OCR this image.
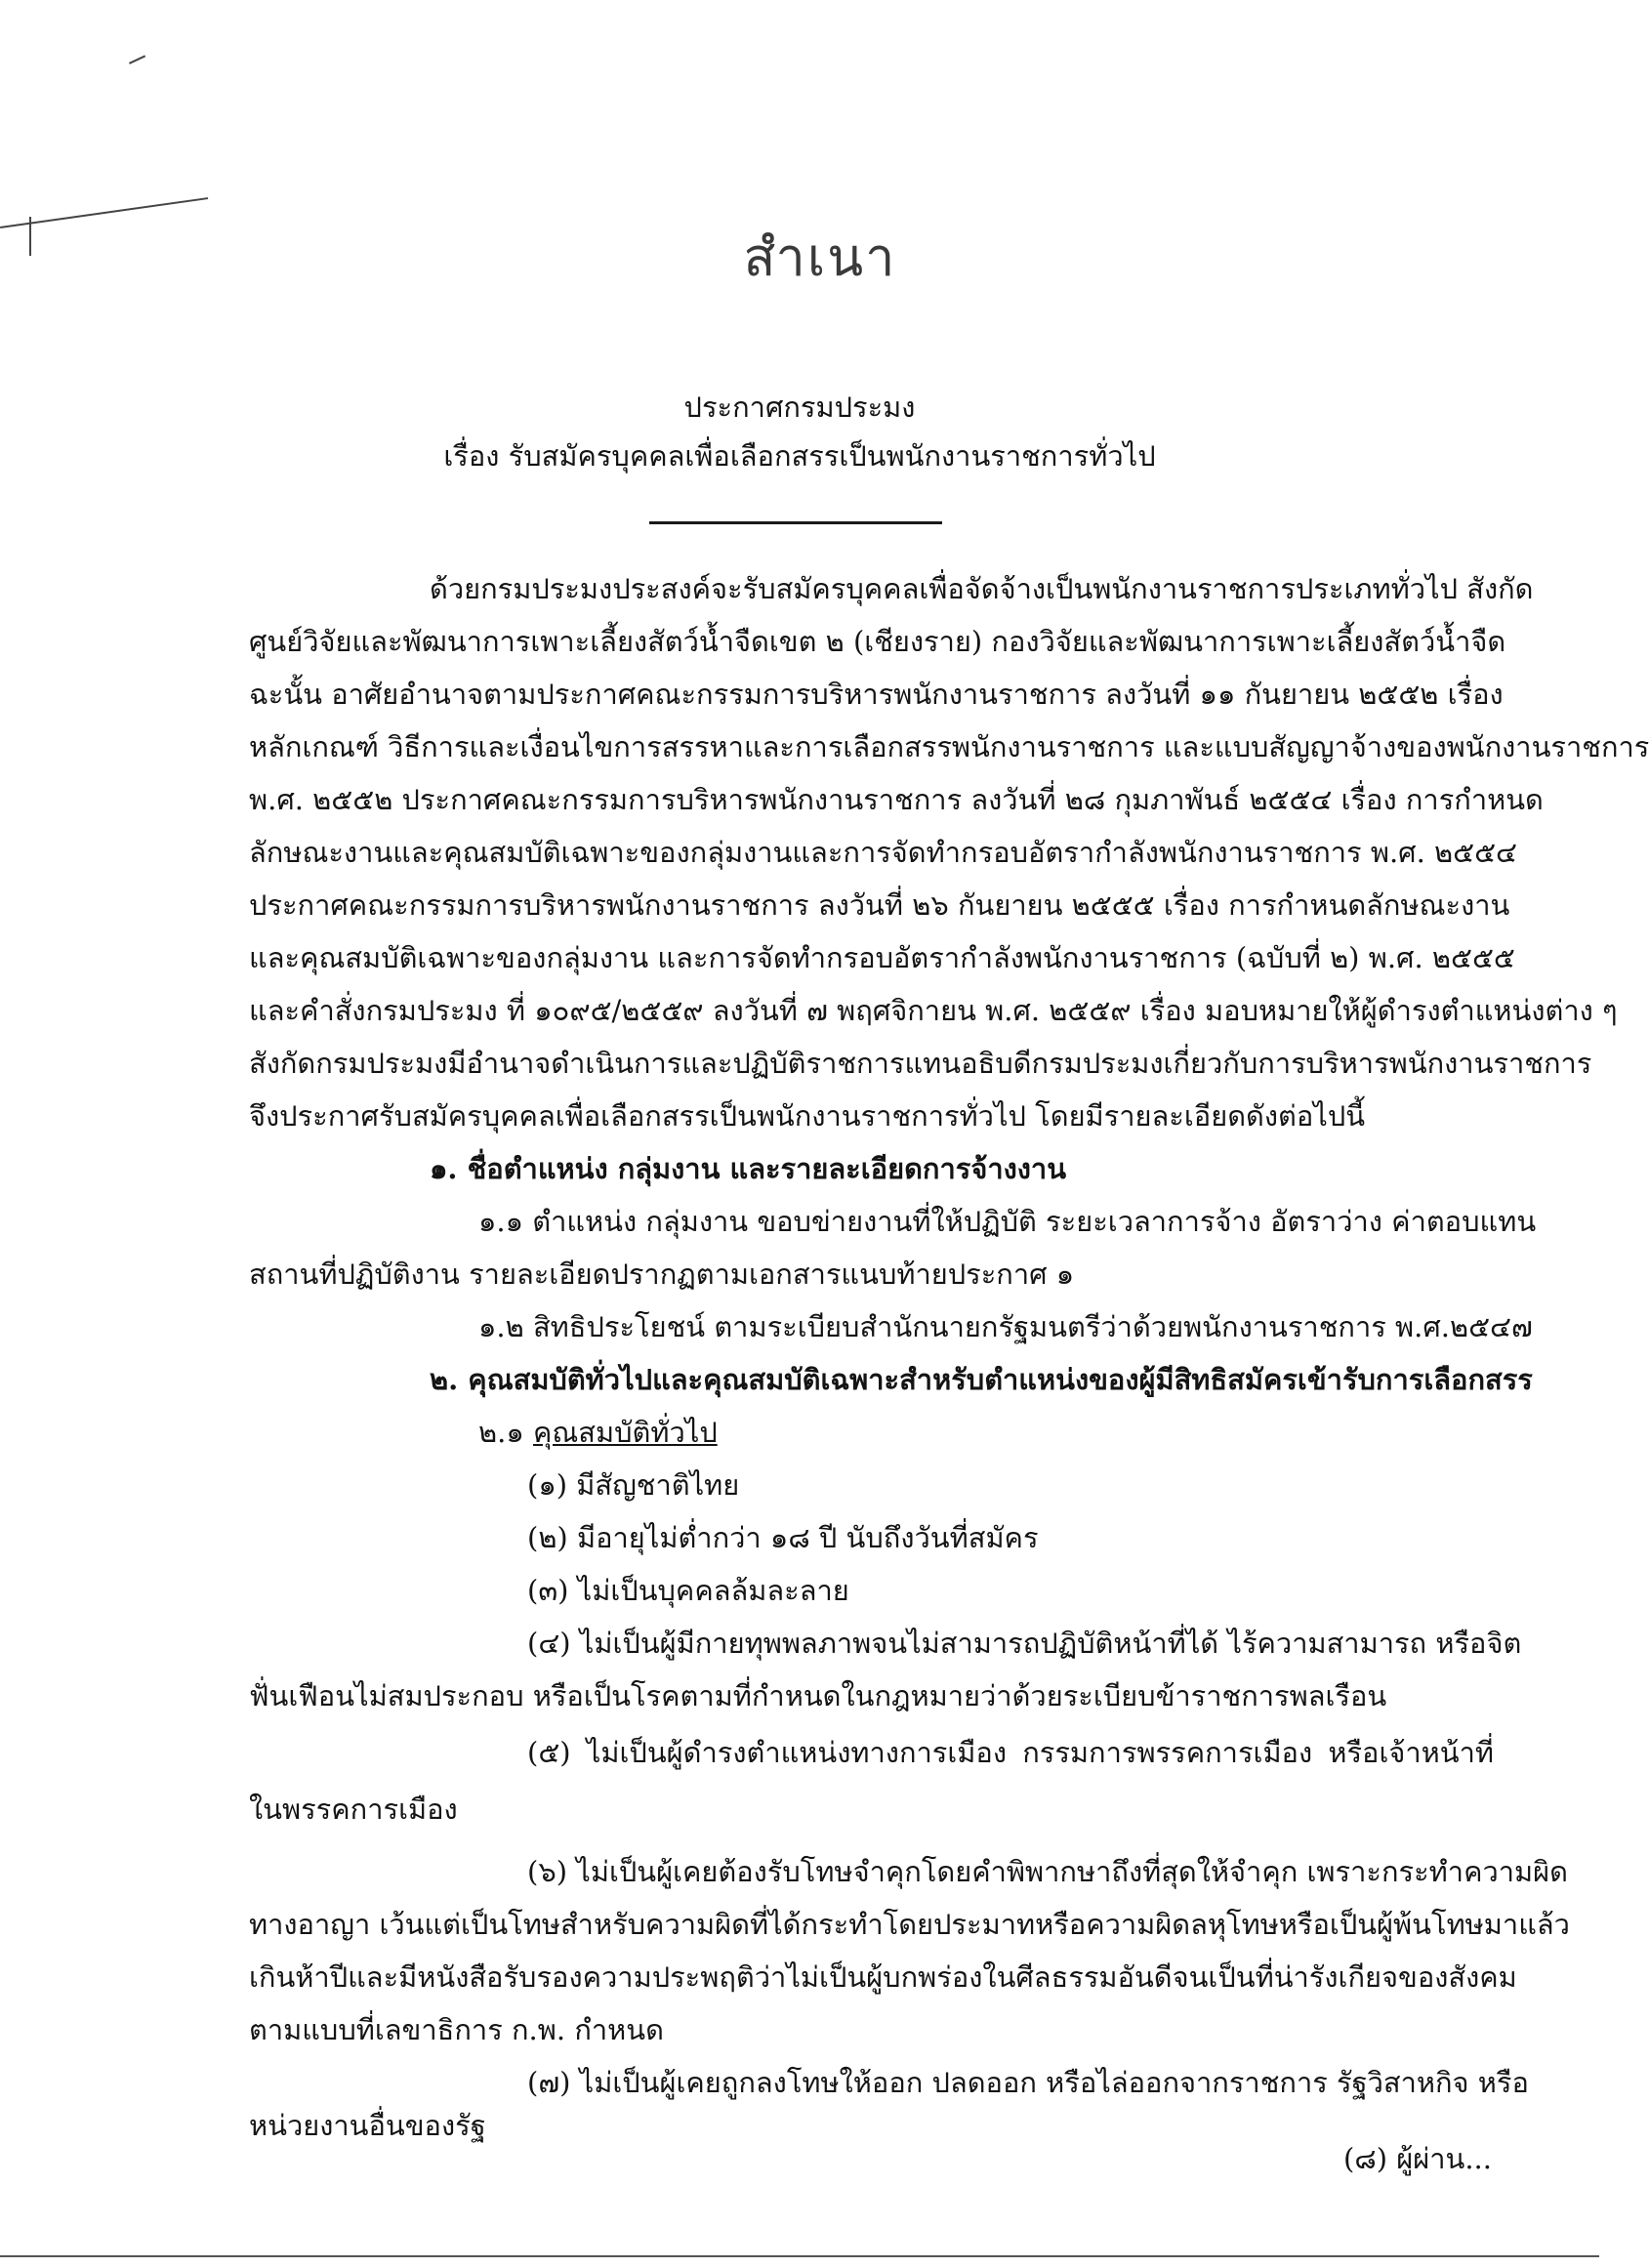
สำเนา
ประกาศกรมประมง
เรื่อง รับสมัครบุคคลเพื่อเลือกสรรเป็นพนักงานราชการทั่วไป
ด้วยกรมประมงประสงค์จะรับสมัครบุคคลเพื่อจัดจ้างเป็นพนักงานราชการประเภททั่วไป สังกัด
ศูนย์วิจัยและพัฒนาการเพาะเลี้ยงสัตว์น้ำจืดเขต ๒ (เชียงราย) กองวิจัยและพัฒนาการเพาะเลี้ยงสัตว์น้ำจืด
ฉะนั้น อาศัยอำนาจตามประกาศคณะกรรมการบริหารพนักงานราชการ ลงวันที่ ๑๑ กันยายน ๒๕๕๒ เรื่อง
หลักเกณฑ์ วิธีการและเงื่อนไขการสรรหาและการเลือกสรรพนักงานราชการ และแบบสัญญาจ้างของพนักงานราชการ
พ.ศ. ๒๕๕๒ ประกาศคณะกรรมการบริหารพนักงานราชการ ลงวันที่ ๒๘ กุมภาพันธ์ ๒๕๕๔ เรื่อง การกำหนด
ลักษณะงานและคุณสมบัติเฉพาะของกลุ่มงานและการจัดทำกรอบอัตรากำลังพนักงานราชการ พ.ศ. ๒๕๕๔
ประกาศคณะกรรมการบริหารพนักงานราชการ ลงวันที่ ๒๖ กันยายน ๒๕๕๕ เรื่อง การกำหนดลักษณะงาน
และคุณสมบัติเฉพาะของกลุ่มงาน และการจัดทำกรอบอัตรากำลังพนักงานราชการ (ฉบับที่ ๒) พ.ศ. ๒๕๕๕
และคำสั่งกรมประมง ที่ ๑๐๙๕/๒๕๕๙ ลงวันที่ ๗ พฤศจิกายน พ.ศ. ๒๕๕๙ เรื่อง มอบหมายให้ผู้ดำรงตำแหน่งต่าง ๆ
สังกัดกรมประมงมีอำนาจดำเนินการและปฏิบัติราชการแทนอธิบดีกรมประมงเกี่ยวกับการบริหารพนักงานราชการ
จึงประกาศรับสมัครบุคคลเพื่อเลือกสรรเป็นพนักงานราชการทั่วไป โดยมีรายละเอียดดังต่อไปนี้
๑. ชื่อตำแหน่ง กลุ่มงาน และรายละเอียดการจ้างงาน
๑.๑ ตำแหน่ง กลุ่มงาน ขอบข่ายงานที่ให้ปฏิบัติ ระยะเวลาการจ้าง อัตราว่าง ค่าตอบแทน
สถานที่ปฏิบัติงาน รายละเอียดปรากฏตามเอกสารแนบท้ายประกาศ ๑
๑.๒ สิทธิประโยชน์ ตามระเบียบสำนักนายกรัฐมนตรีว่าด้วยพนักงานราชการ พ.ศ.๒๕๔๗
๒. คุณสมบัติทั่วไปและคุณสมบัติเฉพาะสำหรับตำแหน่งของผู้มีสิทธิสมัครเข้ารับการเลือกสรร
๒.๑ คุณสมบัติทั่วไป
(๑) มีสัญชาติไทย
(๒) มีอายุไม่ต่ำกว่า ๑๘ ปี นับถึงวันที่สมัคร
(๓) ไม่เป็นบุคคลล้มละลาย
(๔) ไม่เป็นผู้มีกายทุพพลภาพจนไม่สามารถปฏิบัติหน้าที่ได้ ไร้ความสามารถ หรือจิต
ฟั่นเฟือนไม่สมประกอบ หรือเป็นโรคตามที่กำหนดในกฎหมายว่าด้วยระเบียบข้าราชการพลเรือน
(๕) ไม่เป็นผู้ดำรงตำแหน่งทางการเมือง กรรมการพรรคการเมือง หรือเจ้าหน้าที่
ในพรรคการเมือง
(๖) ไม่เป็นผู้เคยต้องรับโทษจำคุกโดยคำพิพากษาถึงที่สุดให้จำคุก เพราะกระทำความผิด
ทางอาญา เว้นแต่เป็นโทษสำหรับความผิดที่ได้กระทำโดยประมาทหรือความผิดลหุโทษหรือเป็นผู้พ้นโทษมาแล้ว
เกินห้าปีและมีหนังสือรับรองความประพฤติว่าไม่เป็นผู้บกพร่องในศีลธรรมอันดีจนเป็นที่น่ารังเกียจของสังคม
ตามแบบที่เลขาธิการ ก.พ. กำหนด
(๗) ไม่เป็นผู้เคยถูกลงโทษให้ออก ปลดออก หรือไล่ออกจากราชการ รัฐวิสาหกิจ หรือ
หน่วยงานอื่นของรัฐ
(๘) ผู้ผ่าน...
